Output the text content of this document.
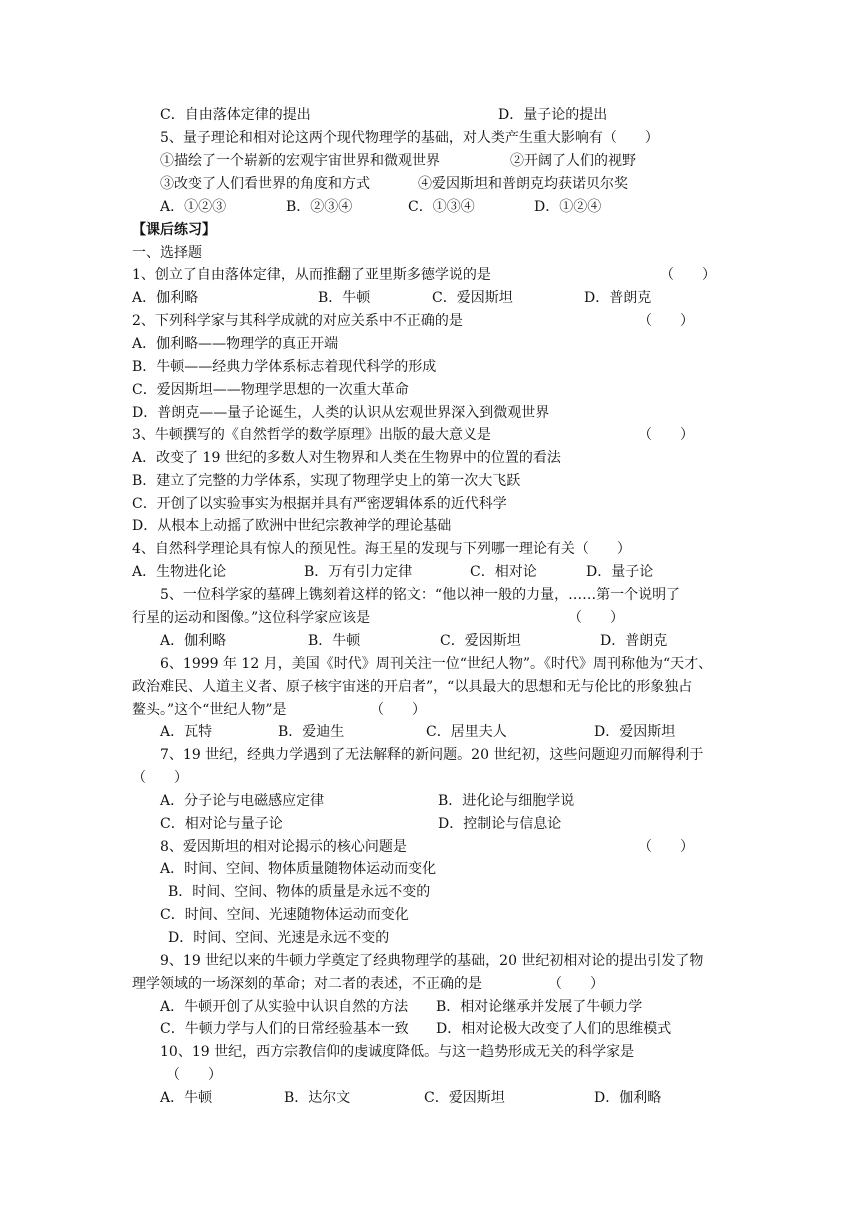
C．自由落体定律的提出	D．量子论的提出
5、量子理论和相对论这两个现代物理学的基础，对人类产生重大影响有（　　）
①描绘了一个崭新的宏观宇宙世界和微观世界	②开阔了人们的视野
③改变了人们看世界的角度和方式	④爱因斯坦和普朗克均获诺贝尔奖
A．①②③	B．②③④	C．①③④	D．①②④
【课后练习】
一、选择题
1、创立了自由落体定律，从而推翻了亚里斯多德学说的是	（　　）
A．伽利略	B．牛顿	C．爱因斯坦	D．普朗克
2、下列科学家与其科学成就的对应关系中不正确的是	（　　）
A．伽利略——物理学的真正开端
B．牛顿——经典力学体系标志着现代科学的形成
C．爱因斯坦——物理学思想的一次重大革命
D．普朗克——量子论诞生，人类的认识从宏观世界深入到微观世界
3、牛顿撰写的《自然哲学的数学原理》出版的最大意义是	（　　）
A．改变了 19 世纪的多数人对生物界和人类在生物界中的位置的看法
B．建立了完整的力学体系，实现了物理学史上的第一次大飞跃
C．开创了以实验事实为根据并具有严密逻辑体系的近代科学
D．从根本上动摇了欧洲中世纪宗教神学的理论基础
4、自然科学理论具有惊人的预见性。海王星的发现与下列哪一理论有关（　　）
A．生物进化论	B．万有引力定律	C．相对论	D．量子论
5、一位科学家的墓碑上镌刻着这样的铭文：“他以神一般的力量，……第一个说明了
行星的运动和图像。”这位科学家应该是	（　　）
A．伽利略	B．牛顿	C．爱因斯坦	D．普朗克
6、1999 年 12 月，美国《时代》周刊关注一位“世纪人物”。《时代》周刊称他为“天才、
政治难民、人道主义者、原子核宇宙迷的开启者”，“以具最大的思想和无与伦比的形象独占
鳌头。”这个“世纪人物”是	（　　）
A．瓦特	B．爱迪生	C．居里夫人	D．爱因斯坦
7、19 世纪，经典力学遇到了无法解释的新问题。20 世纪初，这些问题迎刃而解得利于
（　　）
A．分子论与电磁感应定律	B．进化论与细胞学说
C．相对论与量子论	D．控制论与信息论
8、爱因斯坦的相对论揭示的核心问题是	（　　）
A．时间、空间、物体质量随物体运动而变化
B．时间、空间、物体的质量是永远不变的
C．时间、空间、光速随物体运动而变化
D．时间、空间、光速是永远不变的
9、19 世纪以来的牛顿力学奠定了经典物理学的基础，20 世纪初相对论的提出引发了物
理学领域的一场深刻的革命；对二者的表述，不正确的是	（　　）
A．牛顿开创了从实验中认识自然的方法 B．相对论继承并发展了牛顿力学
C．牛顿力学与人们的日常经验基本一致 D．相对论极大改变了人们的思维模式
10、19 世纪，西方宗教信仰的虔诚度降低。与这一趋势形成无关的科学家是
（　　）
A．牛顿	B．达尔文	C．爱因斯坦	D．伽利略
